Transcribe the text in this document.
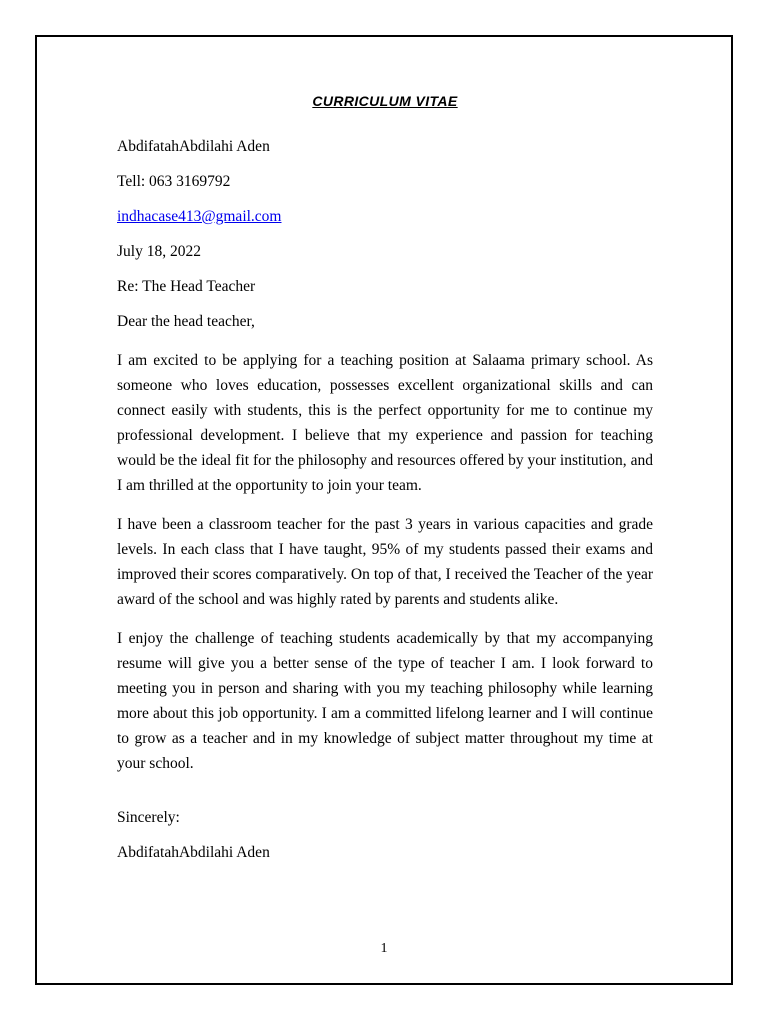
CURRICULUM VITAE

AbdifatahAbdilahi Aden

Tell: 063 3169792

indhacase413@gmail.com

July 18, 2022

Re: The Head Teacher

Dear the head teacher,

I am excited to be applying for a teaching position at Salaama primary school. As someone who loves education, possesses excellent organizational skills and can connect easily with students, this is the perfect opportunity for me to continue my professional development. I believe that my experience and passion for teaching would be the ideal fit for the philosophy and resources offered by your institution, and I am thrilled at the opportunity to join your team.

I have been a classroom teacher for the past 3 years in various capacities and grade levels. In each class that I have taught, 95% of my students passed their exams and improved their scores comparatively. On top of that, I received the Teacher of the year award of the school and was highly rated by parents and students alike.

I enjoy the challenge of teaching students academically by that my accompanying resume will give you a better sense of the type of teacher I am. I look forward to meeting you in person and sharing with you my teaching philosophy while learning more about this job opportunity. I am a committed lifelong learner and I will continue to grow as a teacher and in my knowledge of subject matter throughout my time at your school.

Sincerely:

AbdifatahAbdilahi Aden

1
